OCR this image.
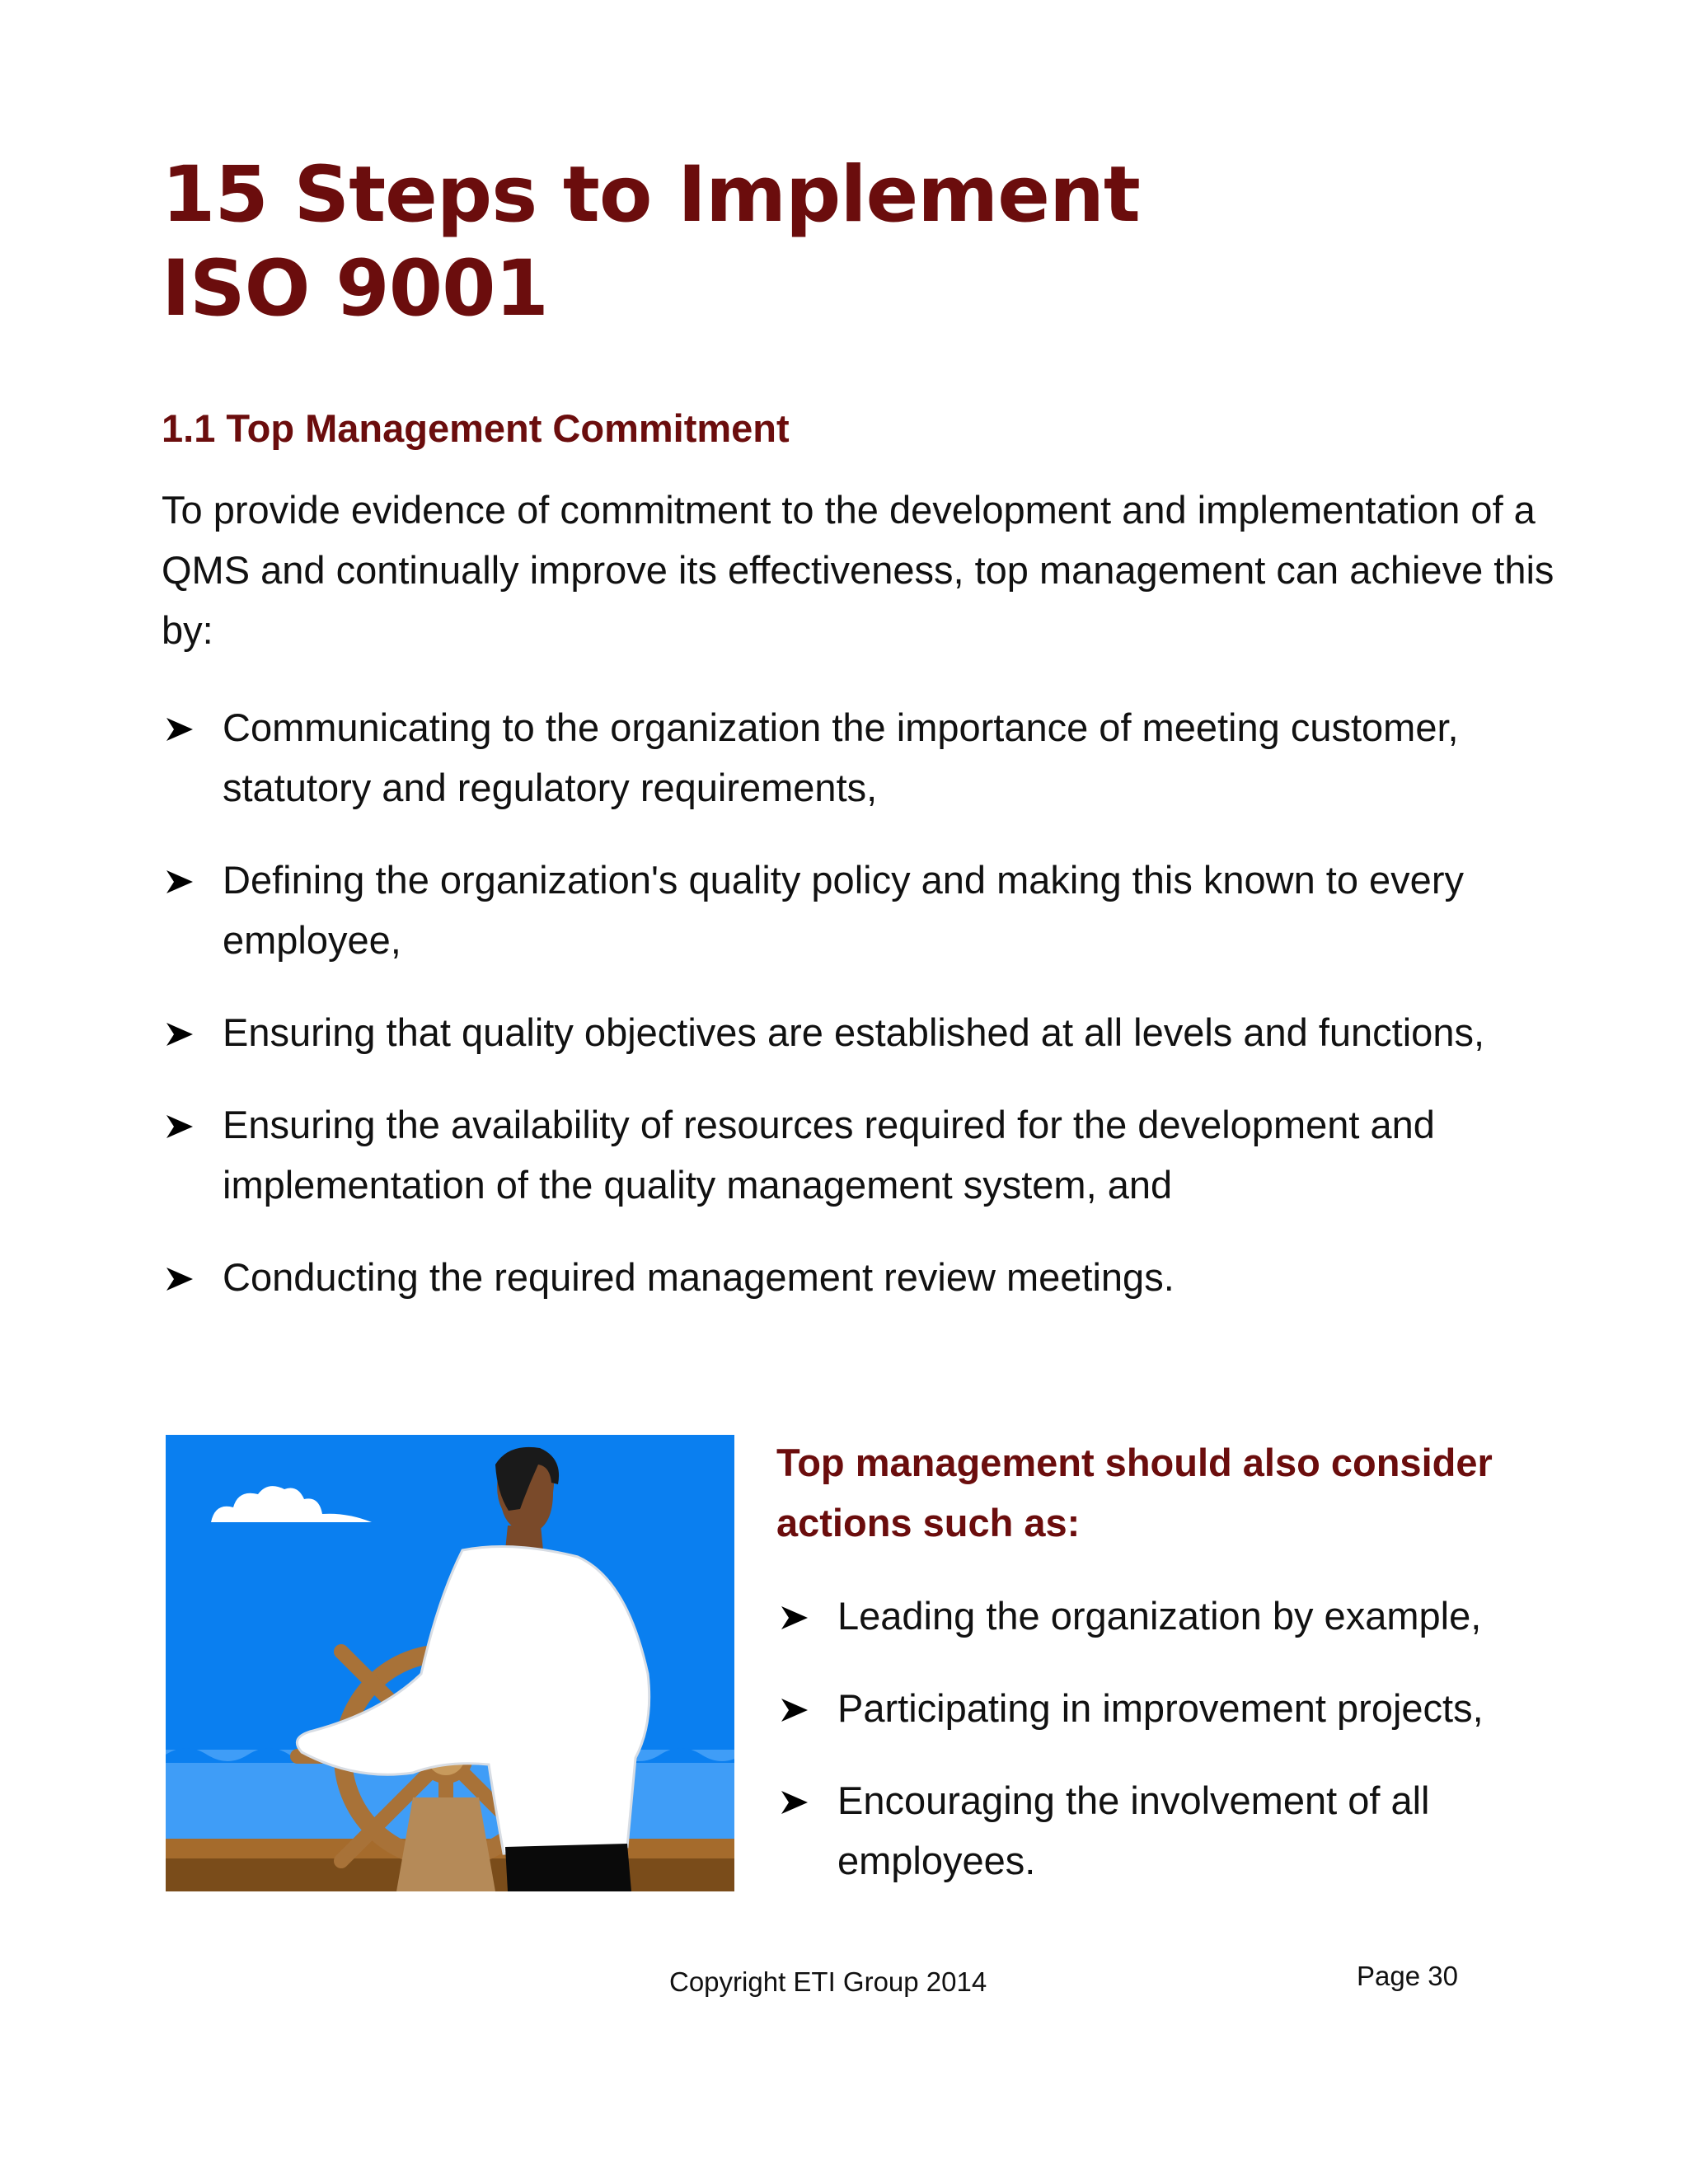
15 Steps to Implement
ISO 9001
1.1 Top Management Commitment

To provide evidence of commitment to the development and implementation of a QMS and continually improve its effectiveness, top management can achieve this by:

Communicating to the organization the importance of meeting customer, statutory and regulatory requirements,
Defining the organization's quality policy and making this known to every employee,
Ensuring that quality objectives are established at all levels and functions,
Ensuring the availability of resources required for the development and implementation of the quality management system, and
Conducting the required management review meetings.

Top management should also consider actions such as:

Leading the organization by example,
Participating in improvement projects,
Encouraging the involvement of all employees.
Copyright ETI Group 2014	Page 30
